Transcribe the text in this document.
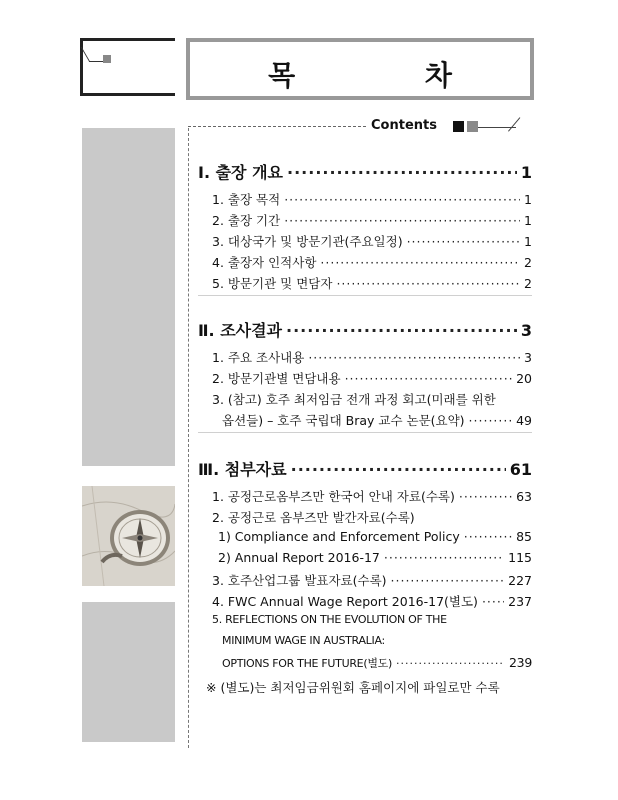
목 차
Contents
Ⅰ. 출장 개요 ·····	1
1. 출장 목적 ·····	1
2. 출장 기간 ·····	1
3. 대상국가 및 방문기관(주요일정) ·····	1
4. 출장자 인적사항 ·····	2
5. 방문기관 및 면담자 ·····	2
Ⅱ. 조사결과 ·····	3
1. 주요 조사내용 ·····	3
2. 방문기관별 면담내용 ·····	20
3. (참고) 호주 최저임금 전개 과정 회고(미래를 위한
옵션들) – 호주 국립대 Bray 교수 논문(요약) ·····	49
Ⅲ. 첨부자료 ·····	61
1. 공정근로옴부즈만 한국어 안내 자료(수록) ·····	63
2. 공정근로 옴부즈만 발간자료(수록)
1) Compliance and Enforcement Policy ·····	85
2) Annual Report 2016-17 ·····	115
3. 호주산업그룹 발표자료(수록) ·····	227
4. FWC Annual Wage Report 2016-17(별도) ····· 237
5. REFLECTIONS ON THE EVOLUTION OF THE
MINIMUM WAGE IN AUSTRALIA:
OPTIONS FOR THE FUTURE(별도) ·····	239
※ (별도)는 최저임금위원회 홈페이지에 파일로만 수록
